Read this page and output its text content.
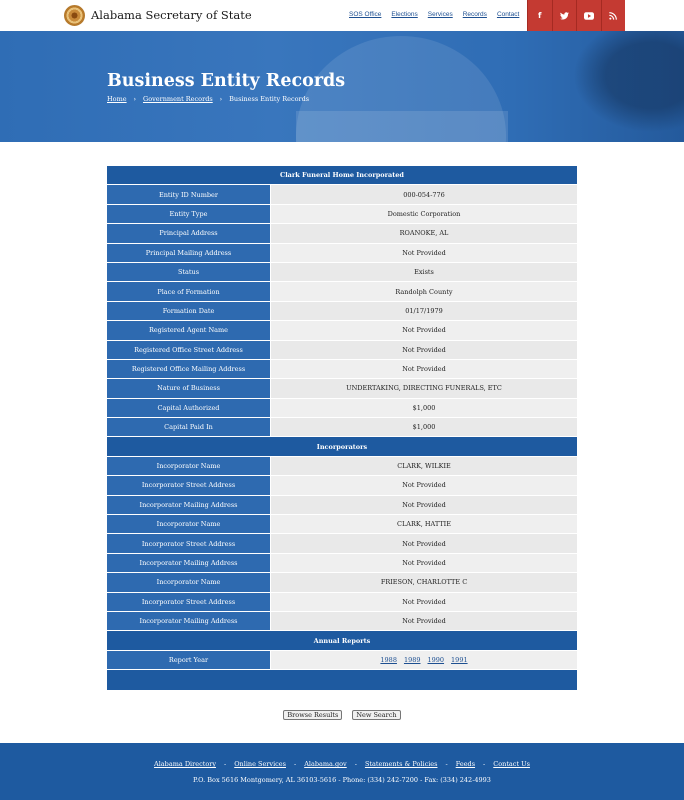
Alabama Secretary of State	SOS Office Elections Services Records Contact	f
Business Entity Records
Home › Government Records › Business Entity Records
Clark Funeral Home Incorporated
Entity ID Number	000-054-776
Entity Type	Domestic Corporation
Principal Address	ROANOKE, AL
Principal Mailing Address	Not Provided
Status	Exists
Place of Formation	Randolph County
Formation Date	01/17/1979
Registered Agent Name	Not Provided
Registered Office Street Address	Not Provided
Registered Office Mailing Address	Not Provided
Nature of Business	UNDERTAKING, DIRECTING FUNERALS, ETC
Capital Authorized	$1,000
Capital Paid In	$1,000
Incorporators
Incorporator Name	CLARK, WILKIE
Incorporator Street Address	Not Provided
Incorporator Mailing Address	Not Provided
Incorporator Name	CLARK, HATTIE
Incorporator Street Address	Not Provided
Incorporator Mailing Address	Not Provided
Incorporator Name	FRIESON, CHARLOTTE C
Incorporator Street Address	Not Provided
Incorporator Mailing Address	Not Provided
Annual Reports
Report Year	1988 1989 1990 1991
Browse Results	New Search
Alabama Directory - Online Services - Alabama.gov - Statements & Policies - Feeds - Contact Us
P.O. Box 5616 Montgomery, AL 36103-5616 - Phone: (334) 242-7200 - Fax: (334) 242-4993
